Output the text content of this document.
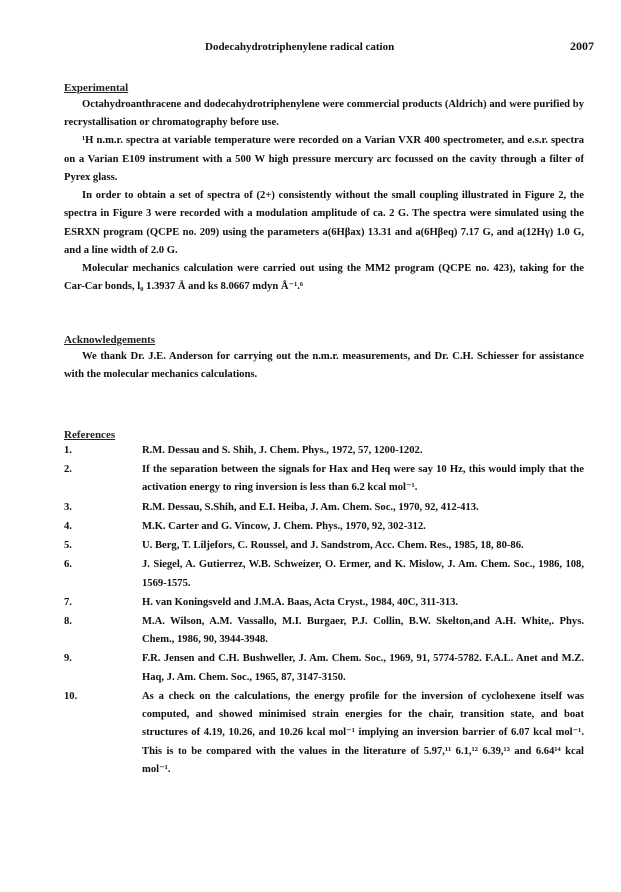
Dodecahydrotriphenylene radical cation	2007
Experimental

Octahydroanthracene and dodecahydrotriphenylene were commercial products (Aldrich) and were purified by recrystallisation or chromatography before use.

¹H n.m.r. spectra at variable temperature were recorded on a Varian VXR 400 spectrometer, and e.s.r. spectra on a Varian E109 instrument with a 500 W high pressure mercury arc focussed on the cavity through a filter of Pyrex glass.

In order to obtain a set of spectra of (2+) consistently without the small coupling illustrated in Figure 2, the spectra in Figure 3 were recorded with a modulation amplitude of ca. 2 G. The spectra were simulated using the ESRXN program (QCPE no. 209) using the parameters a(6Hβax) 13.31 and a(6Hβeq) 7.17 G, and a(12Hγ) 1.0 G, and a line width of 2.0 G.

Molecular mechanics calculation were carried out using the MM2 program (QCPE no. 423), taking for the Car-Car bonds, l₀ 1.3937 Å and ks 8.0667 mdyn Å⁻¹.⁶

Acknowledgements

We thank Dr. J.E. Anderson for carrying out the n.m.r. measurements, and Dr. C.H. Schiesser for assistance with the molecular mechanics calculations.

References
1.	R.M. Dessau and S. Shih, J. Chem. Phys., 1972, 57, 1200-1202.
2.	If the separation between the signals for Hax and Heq were say 10 Hz, this would imply that the activation energy to ring inversion is less than 6.2 kcal mol⁻¹.
3.	R.M. Dessau, S.Shih, and E.I. Heiba, J. Am. Chem. Soc., 1970, 92, 412-413.
4.	M.K. Carter and G. Vincow, J. Chem. Phys., 1970, 92, 302-312.
5.	U. Berg, T. Liljefors, C. Roussel, and J. Sandstrom, Acc. Chem. Res., 1985, 18, 80-86.
6.	J. Siegel, A. Gutierrez, W.B. Schweizer, O. Ermer, and K. Mislow, J. Am. Chem. Soc., 1986, 108, 1569-1575.
7.	H. van Koningsveld and J.M.A. Baas, Acta Cryst., 1984, 40C, 311-313.
8.	M.A. Wilson, A.M. Vassallo, M.I. Burgaer, P.J. Collin, B.W. Skelton,and A.H. White,. Phys. Chem., 1986, 90, 3944-3948.
9.	F.R. Jensen and C.H. Bushweller, J. Am. Chem. Soc., 1969, 91, 5774-5782. F.A.L. Anet and M.Z. Haq, J. Am. Chem. Soc., 1965, 87, 3147-3150.
10.	As a check on the calculations, the energy profile for the inversion of cyclohexene itself was computed, and showed minimised strain energies for the chair, transition state, and boat structures of 4.19, 10.26, and 10.26 kcal mol⁻¹ implying an inversion barrier of 6.07 kcal mol⁻¹. This is to be compared with the values in the literature of 5.97,¹¹ 6.1,¹² 6.39,¹³ and 6.64¹⁴ kcal mol⁻¹.
